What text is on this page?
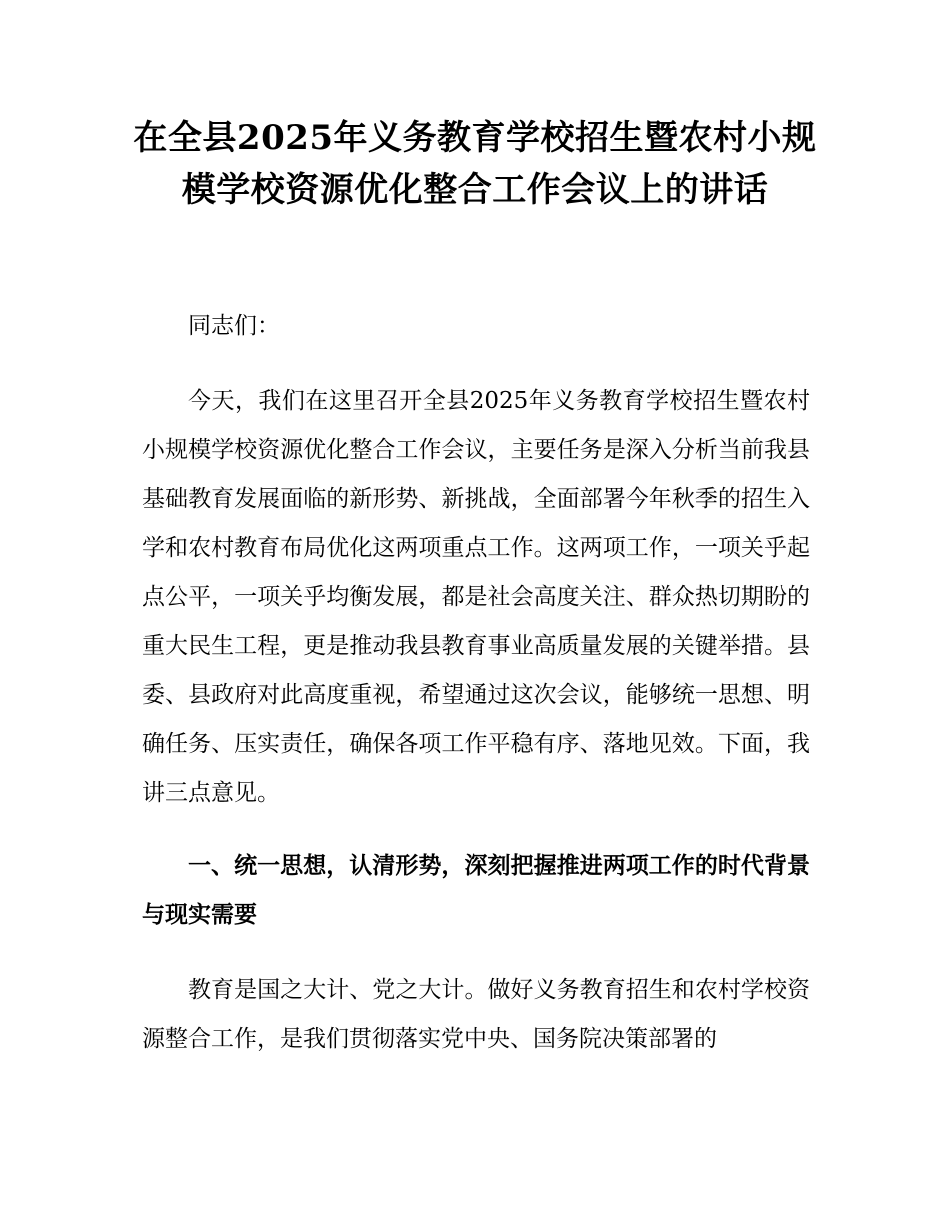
在全县2025年义务教育学校招生暨农村小规模学校资源优化整合工作会议上的讲话

同志们：

今天，我们在这里召开全县2025年义务教育学校招生暨农村小规模学校资源优化整合工作会议，主要任务是深入分析当前我县基础教育发展面临的新形势、新挑战，全面部署今年秋季的招生入学和农村教育布局优化这两项重点工作。这两项工作，一项关乎起点公平，一项关乎均衡发展，都是社会高度关注、群众热切期盼的重大民生工程，更是推动我县教育事业高质量发展的关键举措。县委、县政府对此高度重视，希望通过这次会议，能够统一思想、明确任务、压实责任，确保各项工作平稳有序、落地见效。下面，我讲三点意见。

一、统一思想，认清形势，深刻把握推进两项工作的时代背景与现实需要

教育是国之大计、党之大计。做好义务教育招生和农村学校资源整合工作，是我们贯彻落实党中央、国务院决策部署的
